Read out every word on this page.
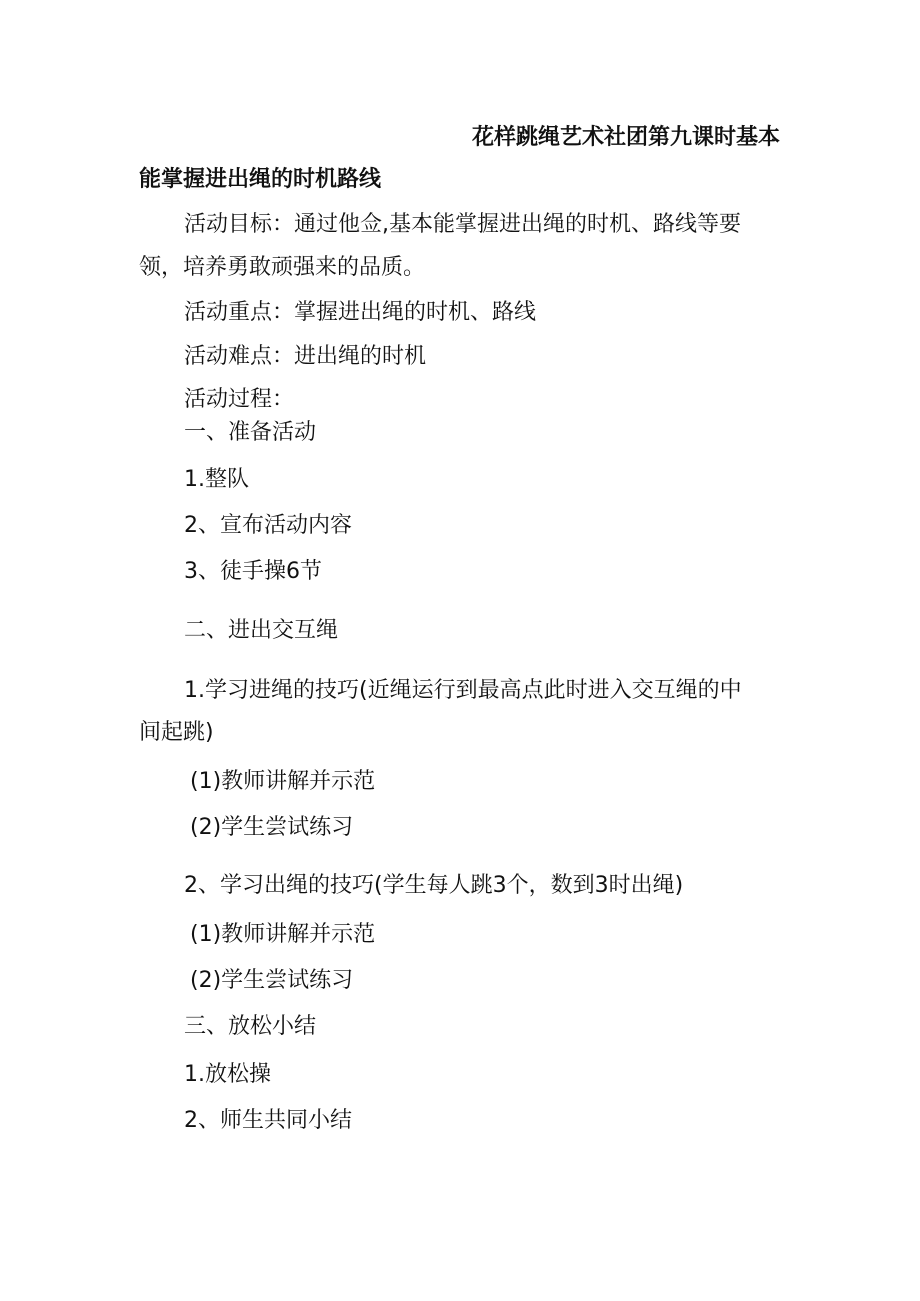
花样跳绳艺术社团第九课时基本
能掌握进出绳的时机路线
活动目标：通过他佥,基本能掌握进出绳的时机、路线等要
领，培养勇敢顽强来的品质。
活动重点：掌握进出绳的时机、路线
活动难点：进出绳的时机
活动过程：
一、准备活动
1.整队
2、宣布活动内容
3、徒手操6节
二、进出交互绳
1.学习进绳的技巧(近绳运行到最高点此时进入交互绳的中
间起跳)
(1)教师讲解并示范
(2)学生尝试练习
2、学习出绳的技巧(学生每人跳3个，数到3时出绳)
(1)教师讲解并示范
(2)学生尝试练习
三、放松小结
1.放松操
2、师生共同小结
